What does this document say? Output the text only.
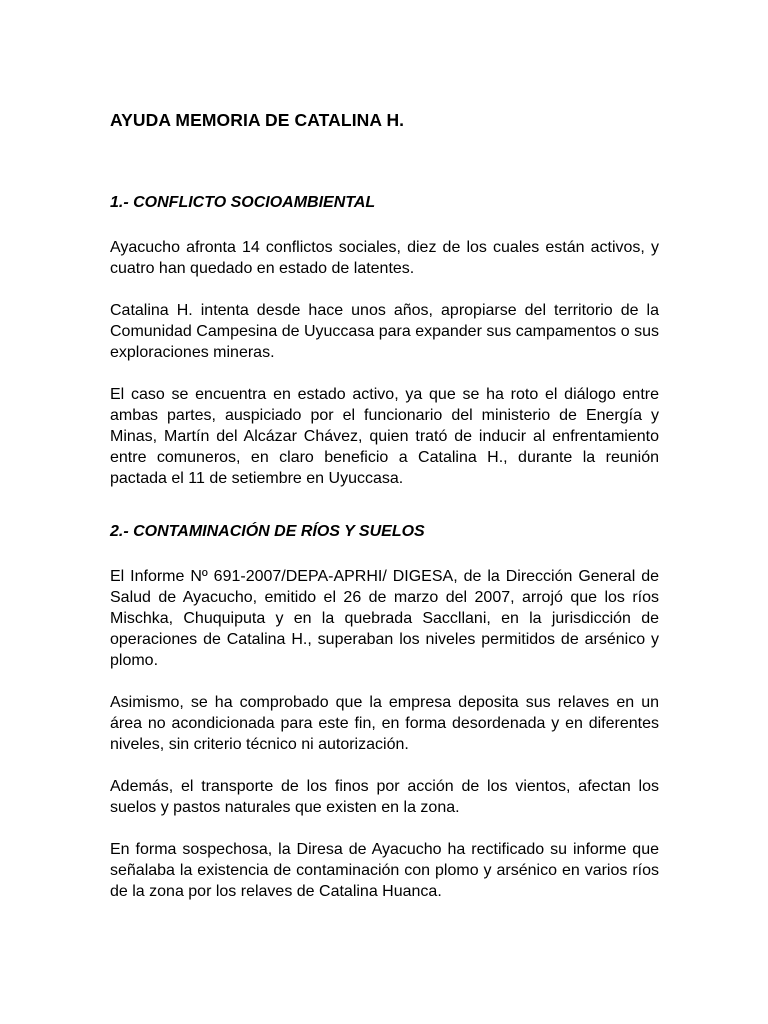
AYUDA MEMORIA DE CATALINA H.
1.- CONFLICTO SOCIOAMBIENTAL

Ayacucho afronta 14 conflictos sociales, diez de los cuales están activos, y cuatro han quedado en estado de latentes.

Catalina H. intenta desde hace unos años, apropiarse del territorio de la Comunidad Campesina de Uyuccasa para expander sus campamentos o sus exploraciones mineras.

El caso se encuentra en estado activo, ya que se ha roto el diálogo entre ambas partes, auspiciado por el funcionario del ministerio de Energía y Minas, Martín del Alcázar Chávez, quien trató de inducir al enfrentamiento entre comuneros, en claro beneficio a Catalina H., durante la reunión pactada el 11 de setiembre en Uyuccasa.

2.- CONTAMINACIÓN DE RÍOS Y SUELOS

El Informe Nº 691-2007/DEPA-APRHI/ DIGESA, de la Dirección General de Salud de Ayacucho, emitido el 26 de marzo del 2007, arrojó que los ríos Mischka, Chuquiputa y en la quebrada Saccllani, en la jurisdicción de operaciones de Catalina H., superaban los niveles permitidos de arsénico y plomo.

Asimismo, se ha comprobado que la empresa deposita sus relaves en un área no acondicionada para este fin, en forma desordenada y en diferentes niveles, sin criterio técnico ni autorización.

Además, el transporte de los finos por acción de los vientos, afectan los suelos y pastos naturales que existen en la zona.

En forma sospechosa, la Diresa de Ayacucho ha rectificado su informe que señalaba la existencia de contaminación con plomo y arsénico en varios ríos de la zona por los relaves de Catalina Huanca.
